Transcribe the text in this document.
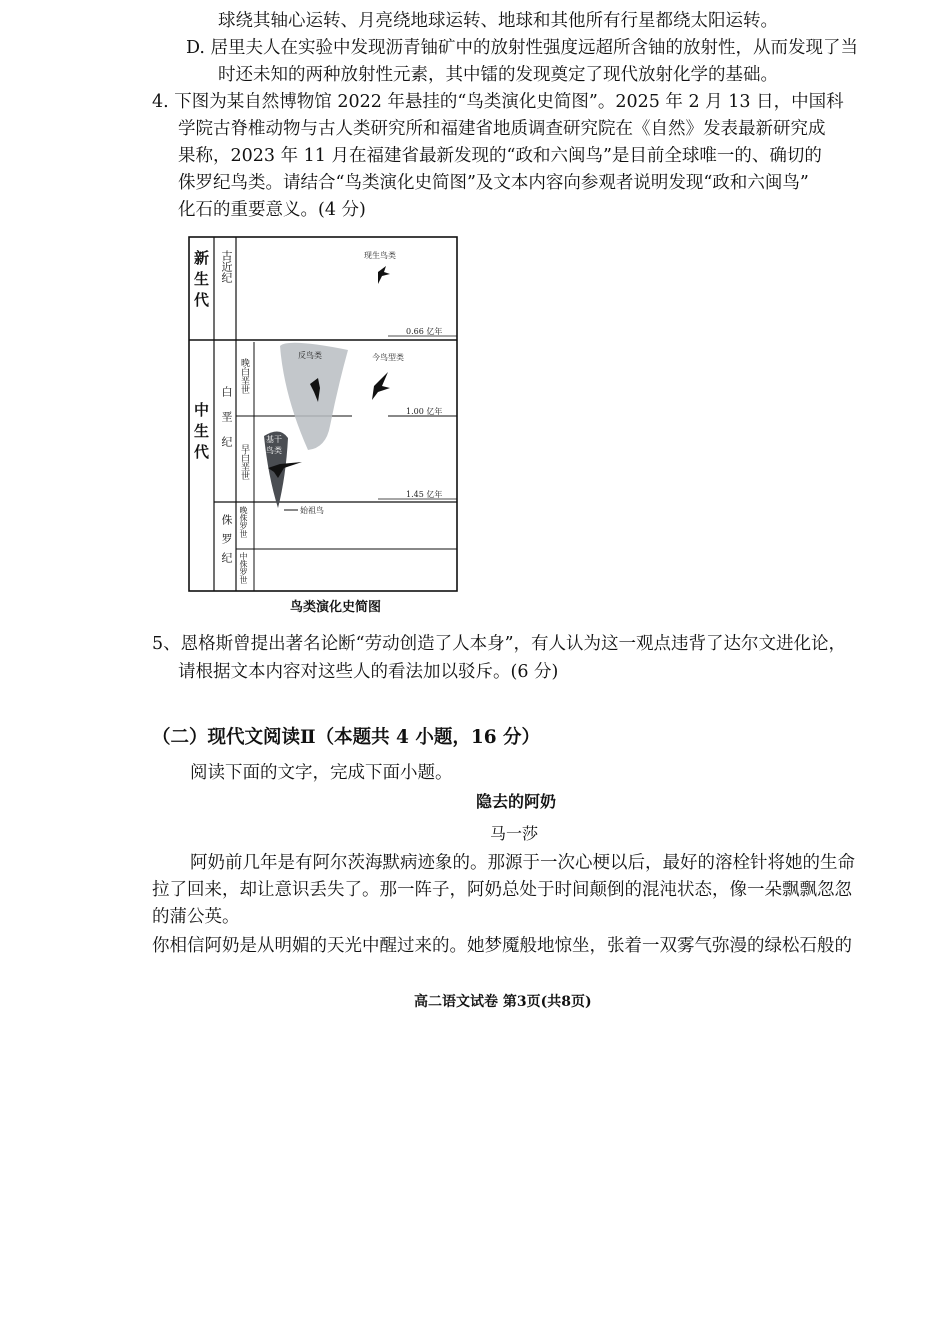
球绕其轴心运转、月亮绕地球运转、地球和其他所有行星都绕太阳运转。
D. 居里夫人在实验中发现沥青铀矿中的放射性强度远超所含铀的放射性，从而发现了当
时还未知的两种放射性元素，其中镭的发现奠定了现代放射化学的基础。
4. 下图为某自然博物馆 2022 年悬挂的“鸟类演化史简图”。2025 年 2 月 13 日，中国科
学院古脊椎动物与古人类研究所和福建省地质调查研究院在《自然》发表最新研究成
果称，2023 年 11 月在福建省最新发现的“政和六闽鸟”是目前全球唯一的、确切的
侏罗纪鸟类。请结合“鸟类演化史简图”及文本内容向参观者说明发现“政和六闽鸟”
化石的重要意义。(4 分)
新生代
中生代
古近纪
白垩纪
侏罗纪
晚白垩世
早白垩世
晚侏罗世
中侏罗世
现生鸟类
反鸟类	今鸟型类
基干鸟类
始祖鸟
0.66 亿年
1.00 亿年
1.45 亿年
鸟类演化史简图
5、恩格斯曾提出著名论断“劳动创造了人本身”，有人认为这一观点违背了达尔文进化论，
请根据文本内容对这些人的看法加以驳斥。(6 分)
（二）现代文阅读Ⅱ（本题共 4 小题，16 分）
阅读下面的文字，完成下面小题。
隐去的阿奶
马一莎
阿奶前几年是有阿尔茨海默病迹象的。那源于一次心梗以后，最好的溶栓针将她的生命
拉了回来，却让意识丢失了。那一阵子，阿奶总处于时间颠倒的混沌状态，像一朵飘飘忽忽
的蒲公英。
你相信阿奶是从明媚的天光中醒过来的。她梦魇般地惊坐，张着一双雾气弥漫的绿松石般的
高二语文试卷 第3页(共8页)
